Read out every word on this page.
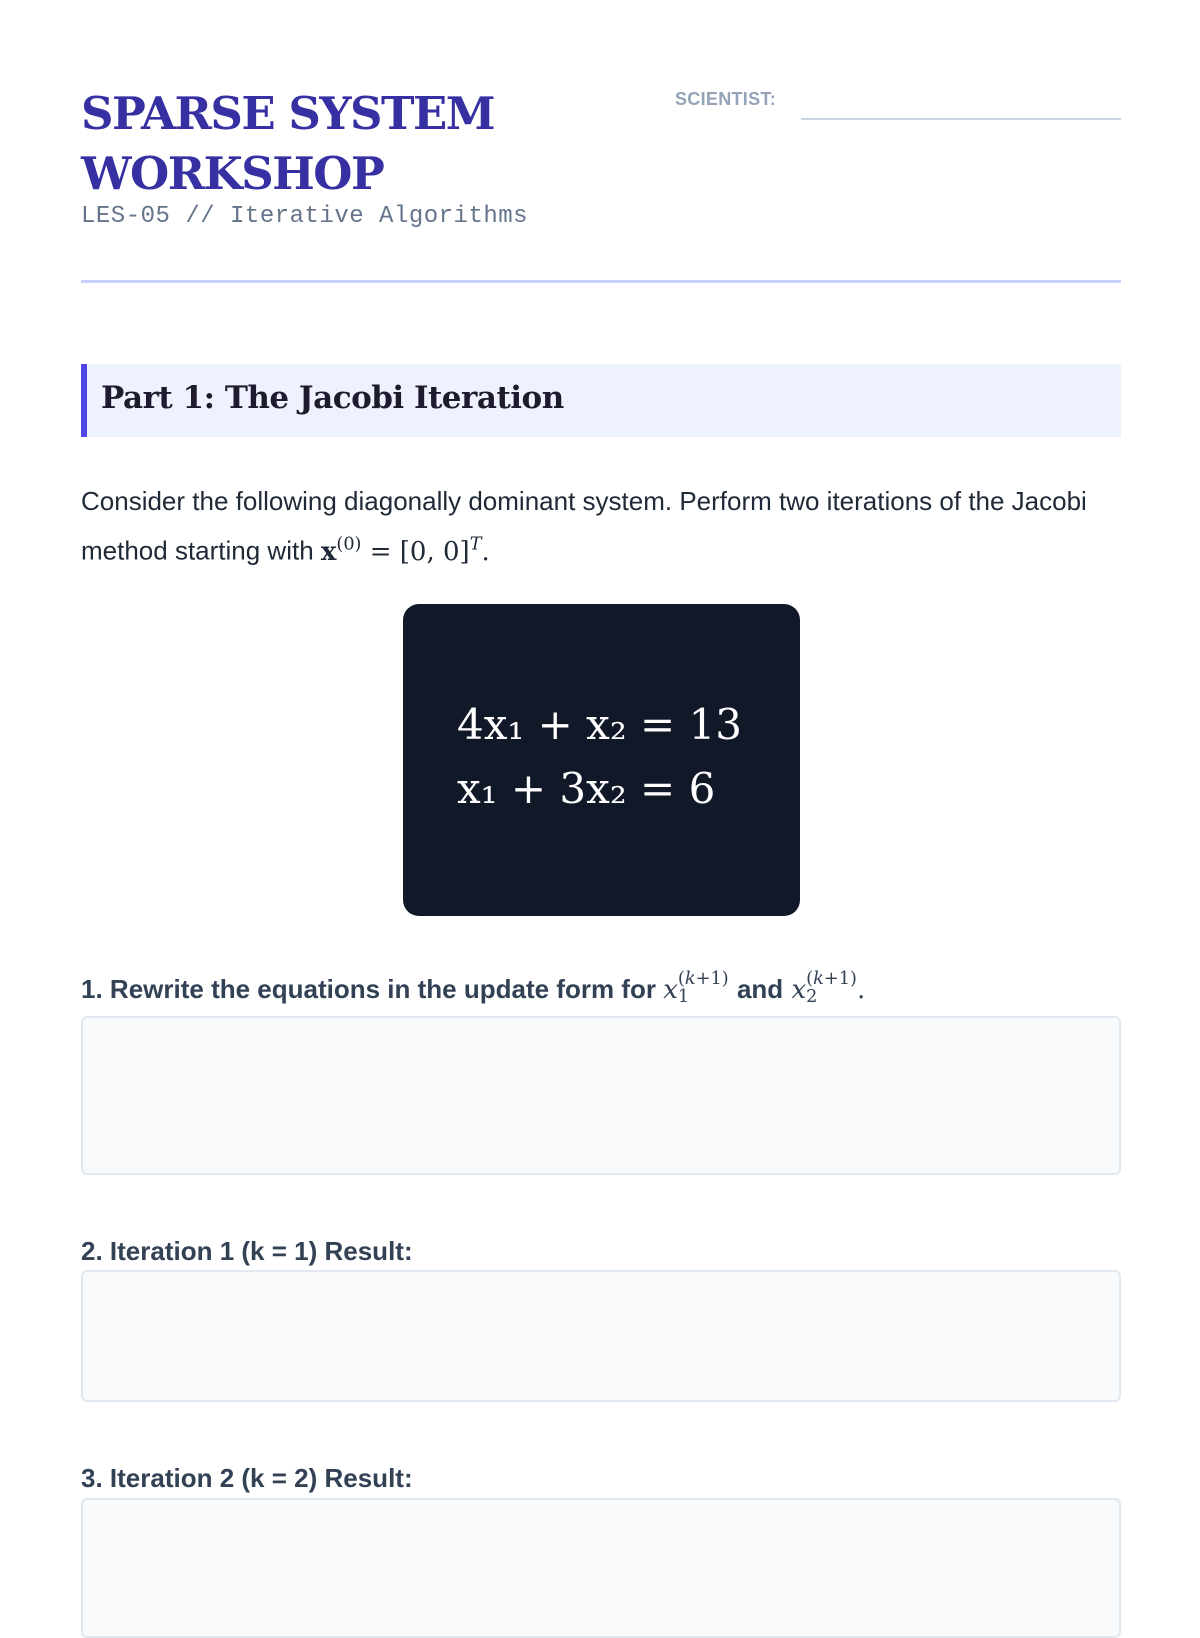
SPARSE SYSTEM WORKSHOP
LES-05 // Iterative Algorithms
SCIENTIST:
Part 1: The Jacobi Iteration
Consider the following diagonally dominant system. Perform two iterations of the Jacobi method starting with $x^{(0)} = [0$, 0]$^T$.
4x₁ + x₂ = 13
x₁ + 3x₂ = 6
1. Rewrite the equations in the update form for x (k+1)
1	and x (k+1)
2	.
2. Iteration 1 (k = 1) Result:
3. Iteration 2 (k = 2) Result:
